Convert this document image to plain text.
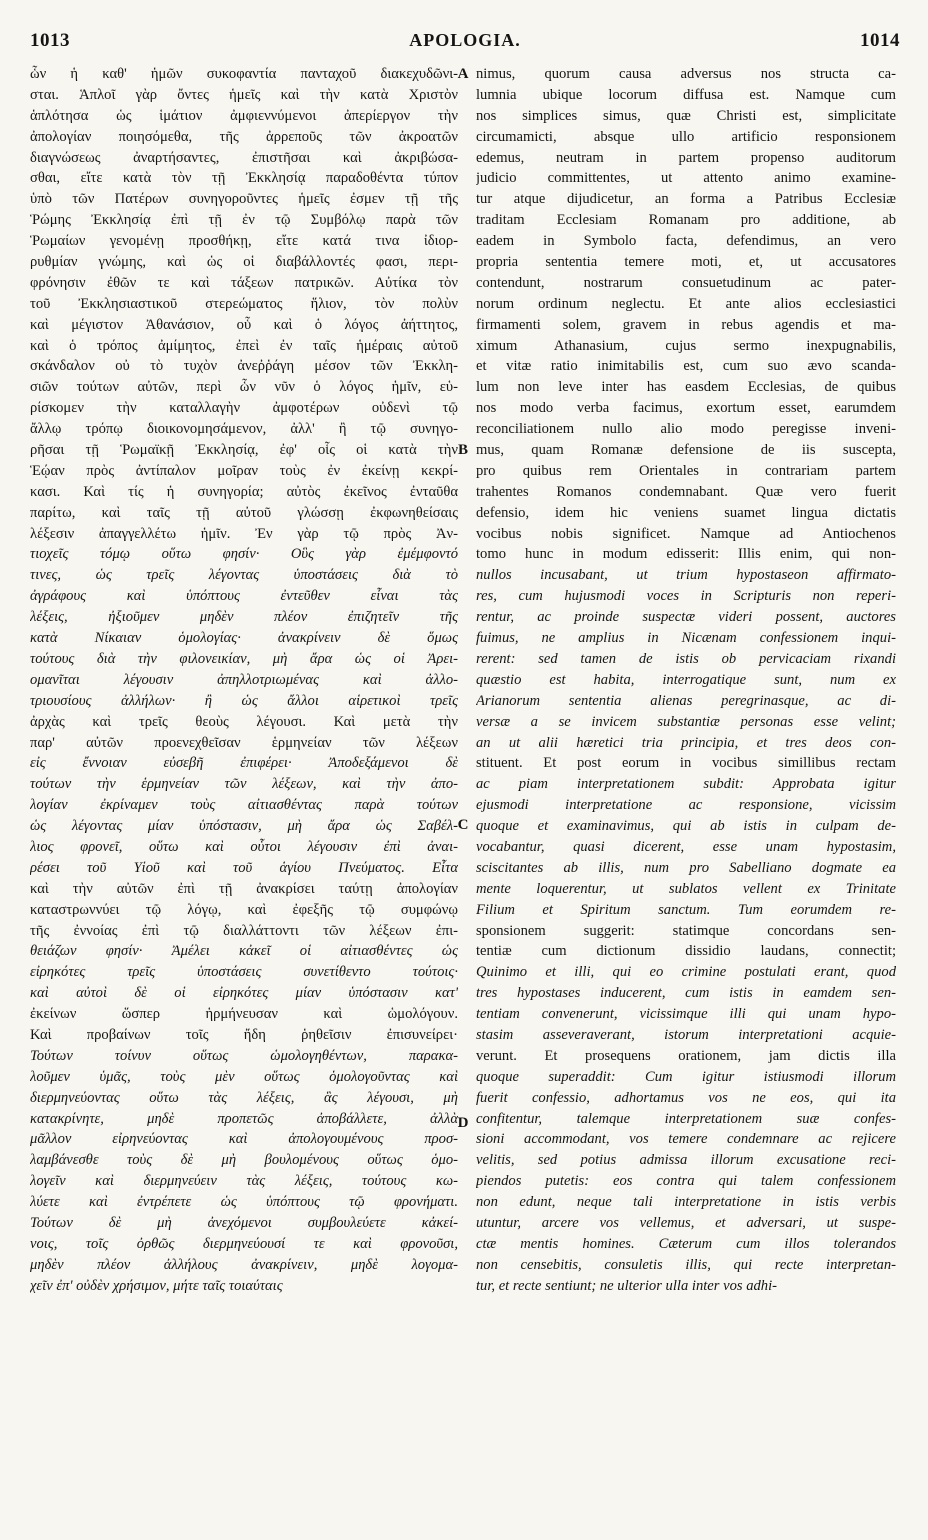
1013	APOLOGIA.	1014
ὧν ἡ καθ' ἡμῶν συκοφαντία πανταχοῦ διακεχυδῶνι-
σται. Ἁπλοῖ γὰρ ὄντες ἡμεῖς καὶ τὴν κατὰ Χριστὸν
ἁπλότησα ὡς ἱμάτιον ἀμφιεννύμενοι ἀπερίεργον τὴν
ἀπολογίαν ποιησόμεθα, τῆς ἀρρεποῦς τῶν ἀκροατῶν
διαγνώσεως ἀναρτήσαντες, ἐπιστῆσαι καὶ ἀκριβώσα-
σθαι, εἴτε κατὰ τὸν τῇ Ἐκκλησίᾳ παραδοθέντα τύπον
ὑπὸ τῶν Πατέρων συνηγοροῦντες ἡμεῖς ἐσμεν τῇ τῆς
Ῥώμης Ἐκκλησίᾳ ἐπὶ τῇ ἐν τῷ Συμβόλῳ παρὰ τῶν
Ῥωμαίων γενομένῃ προσθήκῃ, εἴτε κατά τινα ἰδιορ-
ρυθμίαν γνώμης, καὶ ὡς οἱ διαβάλλοντές φασι, περι-
φρόνησιν ἐθῶν τε καὶ τάξεων πατρικῶν. Αὐτίκα τὸν
τοῦ Ἐκκλησιαστικοῦ στερεώματος ἥλιον, τὸν πολὺν
καὶ μέγιστον Ἀθανάσιον, οὗ καὶ ὁ λόγος ἀήττητος,
καὶ ὁ τρόπος ἀμίμητος, ἐπεὶ ἐν ταῖς ἡμέραις αὐτοῦ
σκάνδαλον οὐ τὸ τυχὸν ἀνεῤῥάγη μέσον τῶν Ἐκκλη-
σιῶν τούτων αὐτῶν, περὶ ὧν νῦν ὁ λόγος ἡμῖν, εὑ-
ρίσκομεν τὴν καταλλαγὴν ἀμφοτέρων οὐδενὶ τῷ
ἄλλῳ τρόπῳ διοικονομησάμενον, ἀλλ' ἢ τῷ συνηγο-
ρῆσαι τῇ Ῥωμαϊκῇ Ἐκκλησίᾳ, ἐφ' οἷς οἱ κατὰ τὴν
Ἑῴαν πρὸς ἀντίπαλον μοῖραν τοὺς ἐν ἐκείνῃ κεκρί-
κασι. Καὶ τίς ἡ συνηγορία; αὐτὸς ἐκεῖνος ἐνταῦθα
παρίτω, καὶ ταῖς τῇ αὐτοῦ γλώσσῃ ἐκφωνηθείσαις
λέξεσιν ἀπαγγελλέτω ἡμῖν. Ἐν γὰρ τῷ πρὸς Ἀν-
τιοχεῖς τόμῳ οὕτω φησίν· Οὓς γὰρ ἐμέμφοντό
τινες, ὡς τρεῖς λέγοντας ὑποστάσεις διὰ τὸ
ἀγράφους καὶ ὑπόπτους ἐντεῦθεν εἶναι τὰς
λέξεις, ἠξιοῦμεν μηδὲν πλέον ἐπιζητεῖν τῆς
κατὰ Νίκαιαν ὁμολογίας· ἀνακρίνειν δὲ ὅμως
τούτους διὰ τὴν φιλονεικίαν, μὴ ἄρα ὡς οἱ Ἀρει-
ομανῖται λέγουσιν ἀπηλλοτριωμένας καὶ ἀλλο-
τριουσίους ἀλλήλων· ἢ ὡς ἄλλοι αἱρετικοὶ τρεῖς
ἀρχὰς καὶ τρεῖς θεοὺς λέγουσι. Καὶ μετὰ τὴν
παρ' αὐτῶν προενεχθεῖσαν ἑρμηνείαν τῶν λέξεων
εἰς ἔννοιαν εὐσεβῆ ἐπιφέρει· Ἀποδεξάμενοι δὲ
τούτων τὴν ἑρμηνείαν τῶν λέξεων, καὶ τὴν ἀπο-
λογίαν ἐκρίναμεν τοὺς αἰτιασθέντας παρὰ τούτων
ὡς λέγοντας μίαν ὑπόστασιν, μὴ ἄρα ὡς Σαβέλ-
λιος φρονεῖ, οὕτω καὶ οὗτοι λέγουσιν ἐπὶ ἀναι-
ρέσει τοῦ Υἱοῦ καὶ τοῦ ἁγίου Πνεύματος. Εἶτα
καὶ τὴν αὐτῶν ἐπὶ τῇ ἀνακρίσει ταύτῃ ἀπολογίαν
καταστρωννύει τῷ λόγῳ, καὶ ἐφεξῆς τῷ συμφώνῳ
τῆς ἐννοίας ἐπὶ τῷ διαλλάττοντι τῶν λέξεων ἐπι-
θειάζων φησίν· Ἀμέλει κἀκεῖ οἱ αἰτιασθέντες ὡς
εἰρηκότες τρεῖς ὑποστάσεις συνετίθεντο τούτοις·
καὶ αὐτοὶ δὲ οἱ εἰρηκότες μίαν ὑπόστασιν κατ'
ἐκείνων ὥσπερ ἡρμήνευσαν καὶ ὡμολόγουν.
Καὶ προβαίνων τοῖς ἤδη ῥηθεῖσιν ἐπισυνείρει·
Τούτων τοίνυν οὕτως ὡμολογηθέντων, παρακα-
λοῦμεν ὑμᾶς, τοὺς μὲν οὕτως ὁμολογοῦντας καὶ
διερμηνεύοντας οὕτω τὰς λέξεις, ἃς λέγουσι, μὴ
κατακρίνητε, μηδὲ προπετῶς ἀποβάλλετε, ἀλλὰ
μᾶλλον εἰρηνεύοντας καὶ ἀπολογουμένους προσ-
λαμβάνεσθε τοὺς δὲ μὴ βουλομένους οὕτως ὁμο-
λογεῖν καὶ διερμηνεύειν τὰς λέξεις, τούτους κω-
λύετε καὶ ἐντρέπετε ὡς ὑπόπτους τῷ φρονήματι.
Τούτων δὲ μὴ ἀνεχόμενοι συμβουλεύετε κἀκεί-
νοις, τοῖς ὀρθῶς διερμηνεύουσί τε καὶ φρονοῦσι,
μηδὲν πλέον ἀλλήλους ἀνακρίνειν, μηδὲ λογομα-
χεῖν ἐπ' οὐδὲν χρήσιμον, μήτε ταῖς τοιαύταις
A
B
C
D
nimus, quorum causa adversus nos structa ca-
lumnia ubique locorum diffusa est. Namque cum
nos simplices simus, quæ Christi est, simplicitate
circumamicti, absque ullo artificio responsionem
edemus, neutram in partem propenso auditorum
judicio committentes, ut attento animo examine-
tur atque dijudicetur, an forma a Patribus Ecclesiæ
traditam Ecclesiam Romanam pro additione, ab
eadem in Symbolo facta, defendimus, an vero
propria sententia temere moti, et, ut accusatores
contendunt, nostrarum consuetudinum ac pater-
norum ordinum neglectu. Et ante alios ecclesiastici
firmamenti solem, gravem in rebus agendis et ma-
ximum Athanasium, cujus sermo inexpugnabilis,
et vitæ ratio inimitabilis est, cum suo ævo scanda-
lum non leve inter has easdem Ecclesias, de quibus
nos modo verba facimus, exortum esset, earumdem
reconciliationem nullo alio modo peregisse inveni-
mus, quam Romanæ defensione de iis suscepta,
pro quibus rem Orientales in contrariam partem
trahentes Romanos condemnabant. Quæ vero fuerit
defensio, idem hic veniens suamet lingua dictatis
vocibus nobis significet. Namque ad Antiochenos
tomo hunc in modum edisserit: Illis enim, qui non-
nullos incusabant, ut trium hypostaseon affirmato-
res, cum hujusmodi voces in Scripturis non reperi-
rentur, ac proinde suspectæ videri possent, auctores
fuimus, ne amplius in Nicænam confessionem inqui-
rerent: sed tamen de istis ob pervicaciam rixandi
quæstio est habita, interrogatique sunt, num ex
Arianorum sententia alienas peregrinasque, ac di-
versæ a se invicem substantiæ personas esse velint;
an ut alii hæretici tria principia, et tres deos con-
stituent. Et post eorum in vocibus simillibus rectam
ac piam interpretationem subdit: Approbata igitur
ejusmodi interpretatione ac responsione, vicissim
quoque et examinavimus, qui ab istis in culpam de-
vocabantur, quasi dicerent, esse unam hypostasim,
sciscitantes ab illis, num pro Sabelliano dogmate ea
mente loquerentur, ut sublatos vellent ex Trinitate
Filium et Spiritum sanctum. Tum eorumdem re-
sponsionem suggerit: statimque concordans sen-
tentiæ cum dictionum dissidio laudans, connectit;
Quinimo et illi, qui eo crimine postulati erant, quod
tres hypostases inducerent, cum istis in eamdem sen-
tentiam convenerunt, vicissimque illi qui unam hypo-
stasim asseveraverant, istorum interpretationi acquie-
verunt. Et prosequens orationem, jam dictis illa
quoque superaddit: Cum igitur istiusmodi illorum
fuerit confessio, adhortamus vos ne eos, qui ita
confitentur, talemque interpretationem suæ confes-
sioni accommodant, vos temere condemnare ac rejicere
velitis, sed potius admissa illorum excusatione reci-
piendos putetis: eos contra qui talem confessionem
non edunt, neque tali interpretatione in istis verbis
utuntur, arcere vos vellemus, et adversari, ut suspe-
ctæ mentis homines. Cæterum cum illos tolerandos
non censebitis, consuletis illis, qui recte interpretan-
tur, et recte sentiunt; ne ulterior ulla inter vos adhi-
